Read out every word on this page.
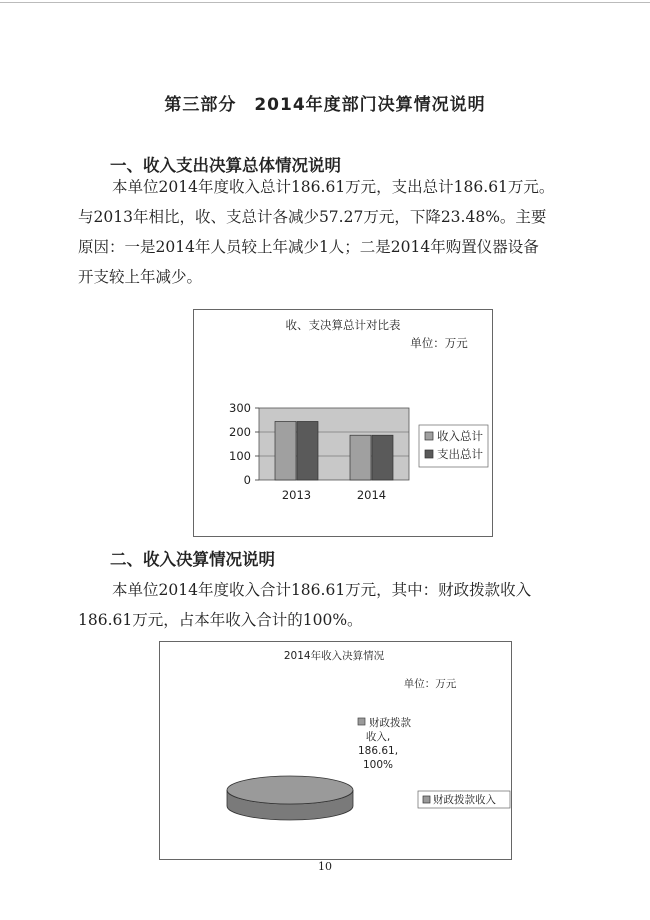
第三部分　2014年度部门决算情况说明
一、收入支出决算总体情况说明
本单位2014年度收入总计186.61万元，支出总计186.61万元。
与2013年相比，收、支总计各减少57.27万元，下降23.48%。主要
原因：一是2014年人员较上年减少1人；二是2014年购置仪器设备
开支较上年减少。
收、支决算总计对比表
单位：万元
0
100
200
300
2013	2014
收入总计
支出总计
二、收入决算情况说明
本单位2014年度收入合计186.61万元，其中：财政拨款收入
186.61万元，占本年收入合计的100%。
2014年收入决算情况
单位：万元
财政拨款
收入,
186.61,
100%
财政拨款收入
10
